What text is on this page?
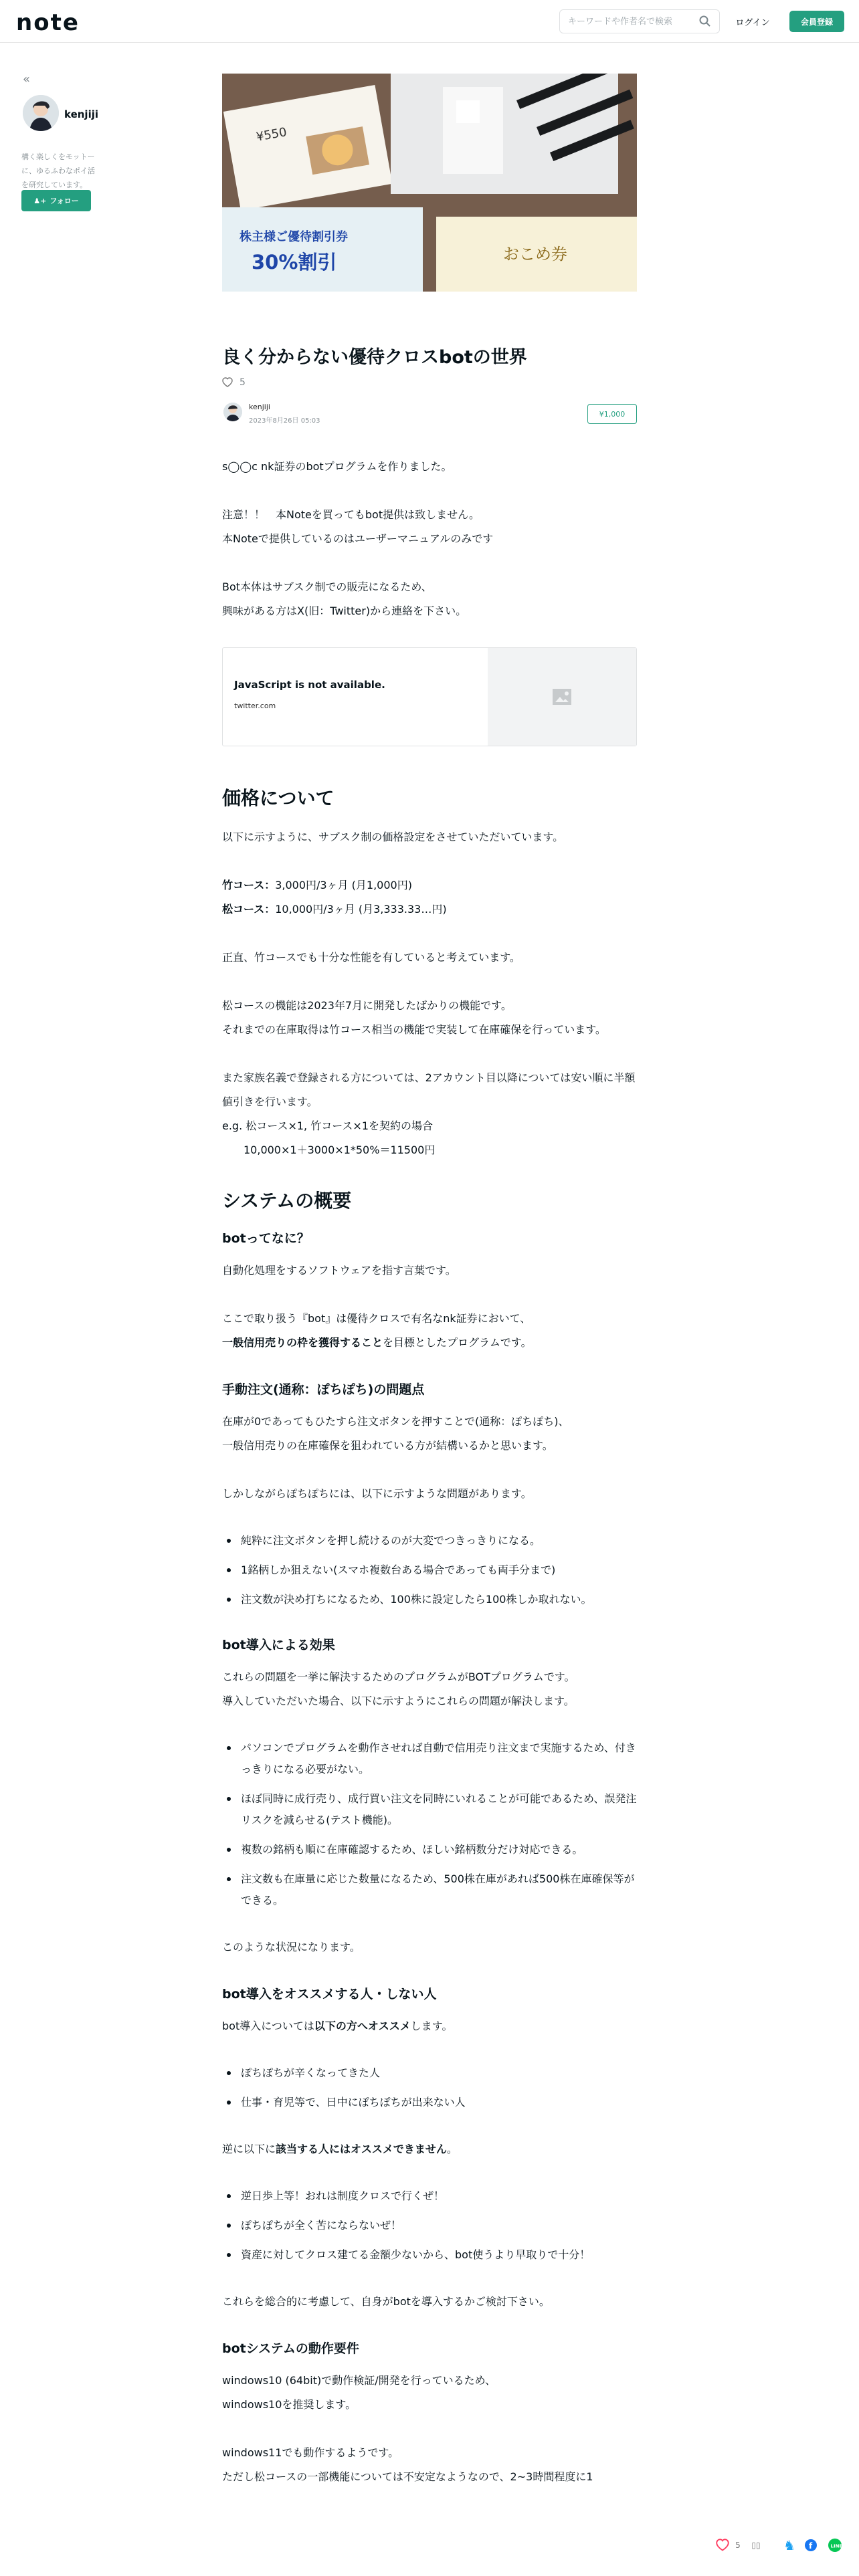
note
キーワードや作者名で検索	ログイン	会員登録
«
kenjiji
構く楽しくをモットーに、ゆるふわなポイ活を研究しています。
♟+ フォロー
¥550
株主様ご優待割引券
30%割引	おこめ券
良く分からない優待クロスbotの世界
5
kenjiji
2023年8月26日 05:03
¥1,000

s◯◯c nk証券のbotプログラムを作りました。

注意！！　本Noteを買ってもbot提供は致しません。
本Noteで提供しているのはユーザーマニュアルのみです

Bot本体はサブスク制での販売になるため、
興味がある方はX(旧：Twitter)から連絡を下さい。

JavaScript is not available.
twitter.com
価格について

以下に示すように、サブスク制の価格設定をさせていただいています。

竹コース：3,000円/3ヶ月 (月1,000円)
松コース：10,000円/3ヶ月 (月3,333.33…円)

正直、竹コースでも十分な性能を有していると考えています。

松コースの機能は2023年7月に開発したばかりの機能です。
それまでの在庫取得は竹コース相当の機能で実装して在庫確保を行っています。

また家族名義で登録される方については、2アカウント目以降については安い順に半額値引きを行います。
e.g. 松コース×1, 竹コース×1を契約の場合
　　10,000×1＋3000×1*50%＝11500円

システムの概要
botってなに？

自動化処理をするソフトウェアを指す言葉です。

ここで取り扱う『bot』は優待クロスで有名なnk証券において、
一般信用売りの枠を獲得することを目標としたプログラムです。

手動注文(通称：ぽちぽち)の問題点

在庫が0であってもひたすら注文ボタンを押すことで(通称：ぽちぽち)、
一般信用売りの在庫確保を狙われている方が結構いるかと思います。

しかしながらぽちぽちには、以下に示すような問題があります。

純粋に注文ボタンを押し続けるのが大変でつきっきりになる。
1銘柄しか狙えない(スマホ複数台ある場合であっても両手分まで)
注文数が決め打ちになるため、100株に設定したら100株しか取れない。
bot導入による効果

これらの問題を一挙に解決するためのプログラムがBOTプログラムです。
導入していただいた場合、以下に示すようにこれらの問題が解決します。

パソコンでプログラムを動作させれば自動で信用売り注文まで実施するため、付きっきりになる必要がない。
ほぼ同時に成行売り、成行買い注文を同時にいれることが可能であるため、誤発注リスクを減らせる(テスト機能)。
複数の銘柄も順に在庫確認するため、ほしい銘柄数分だけ対応できる。
注文数も在庫量に応じた数量になるため、500株在庫があれば500株在庫確保等ができる。

このような状況になります。

bot導入をオススメする人・しない人

bot導入については以下の方へオススメします。

ぽちぽちが辛くなってきた人
仕事・育児等で、日中にぽちぽちが出来ない人

逆に以下に該当する人にはオススメできません。

逆日歩上等！おれは制度クロスで行くぜ！
ぽちぽちが全く苦にならないぜ！
資産に対してクロス建てる金額少ないから、bot使うより早取りで十分！

これらを総合的に考慮して、自身がbotを導入するかご検討下さい。

botシステムの動作要件

windows10 (64bit)で動作検証/開発を行っているため、
windows10を推奨します。

windows11でも動作するようです。
ただし松コースの一部機能については不安定なようなので、2~3時間程度に1

5	▯▯	♞	f	LINE
